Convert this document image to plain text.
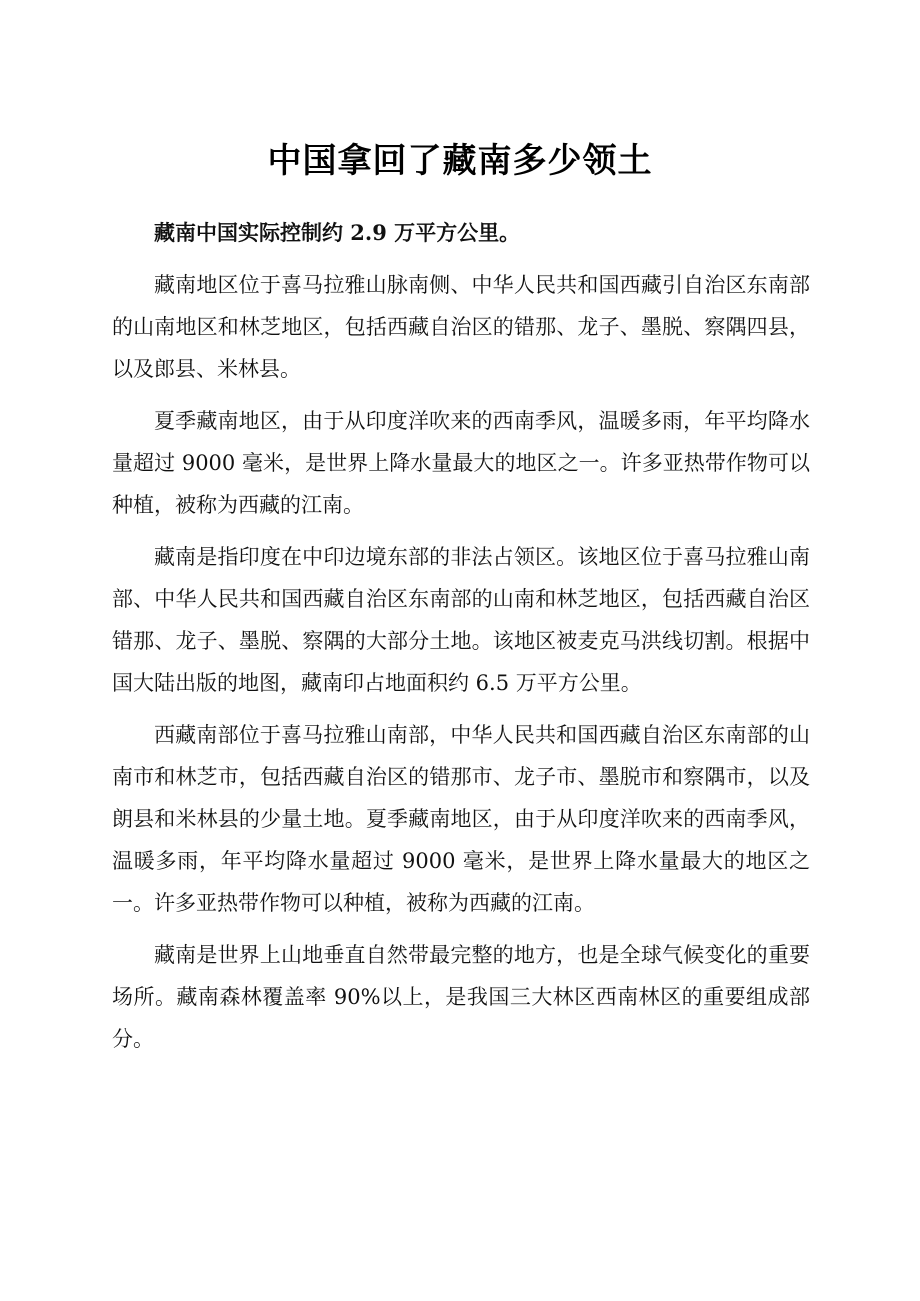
中国拿回了藏南多少领土

藏南中国实际控制约 2.9 万平方公里。

藏南地区位于喜马拉雅山脉南侧、中华人民共和国西藏引自治区东南部的山南地区和林芝地区，包括西藏自治区的错那、龙子、墨脱、察隅四县，以及郎县、米林县。

夏季藏南地区，由于从印度洋吹来的西南季风，温暖多雨，年平均降水量超过 9000 毫米，是世界上降水量最大的地区之一。许多亚热带作物可以种植，被称为西藏的江南。

藏南是指印度在中印边境东部的非法占领区。该地区位于喜马拉雅山南部、中华人民共和国西藏自治区东南部的山南和林芝地区，包括西藏自治区错那、龙子、墨脱、察隅的大部分土地。该地区被麦克马洪线切割。根据中国大陆出版的地图，藏南印占地面积约 6.5 万平方公里。

西藏南部位于喜马拉雅山南部，中华人民共和国西藏自治区东南部的山南市和林芝市，包括西藏自治区的错那市、龙子市、墨脱市和察隅市，以及朗县和米林县的少量土地。夏季藏南地区，由于从印度洋吹来的西南季风，温暖多雨，年平均降水量超过 9000 毫米，是世界上降水量最大的地区之一。许多亚热带作物可以种植，被称为西藏的江南。

藏南是世界上山地垂直自然带最完整的地方，也是全球气候变化的重要场所。藏南森林覆盖率 90%以上，是我国三大林区西南林区的重要组成部分。
